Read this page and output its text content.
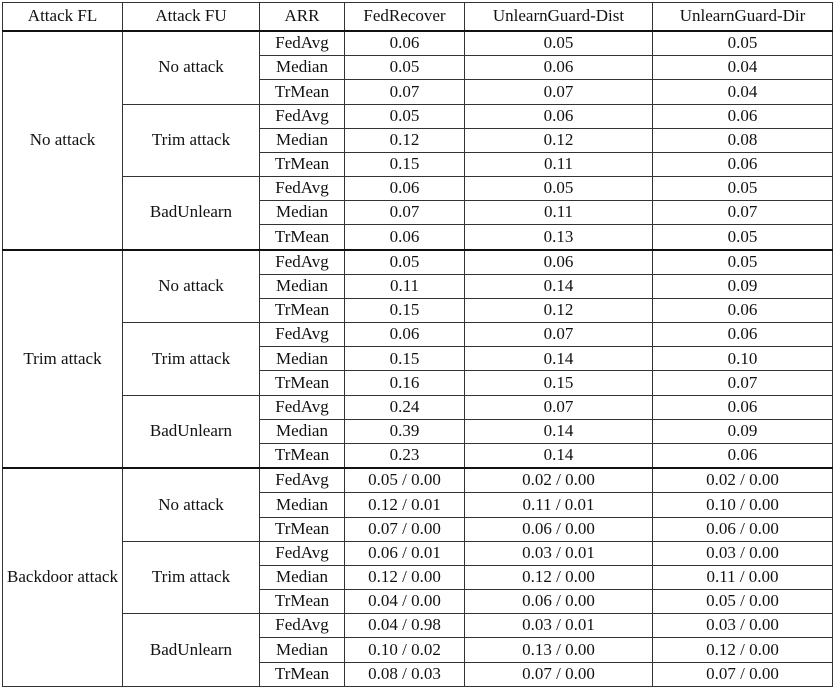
Attack FL	Attack FU	ARR	FedRecover	UnlearnGuard-Dist	UnlearnGuard-Dir
No attack	No attack	FedAvg	0.06	0.05	0.05
		Median	0.05	0.06	0.04
		TrMean	0.07	0.07	0.04
	Trim attack	FedAvg	0.05	0.06	0.06
		Median	0.12	0.12	0.08
		TrMean	0.15	0.11	0.06
	BadUnlearn	FedAvg	0.06	0.05	0.05
		Median	0.07	0.11	0.07
		TrMean	0.06	0.13	0.05
Trim attack	No attack	FedAvg	0.05	0.06	0.05
		Median	0.11	0.14	0.09
		TrMean	0.15	0.12	0.06
	Trim attack	FedAvg	0.06	0.07	0.06
		Median	0.15	0.14	0.10
		TrMean	0.16	0.15	0.07
	BadUnlearn	FedAvg	0.24	0.07	0.06
		Median	0.39	0.14	0.09
		TrMean	0.23	0.14	0.06
Backdoor attack	No attack	FedAvg	0.05 / 0.00	0.02 / 0.00	0.02 / 0.00
		Median	0.12 / 0.01	0.11 / 0.01	0.10 / 0.00
		TrMean	0.07 / 0.00	0.06 / 0.00	0.06 / 0.00
	Trim attack	FedAvg	0.06 / 0.01	0.03 / 0.01	0.03 / 0.00
		Median	0.12 / 0.00	0.12 / 0.00	0.11 / 0.00
		TrMean	0.04 / 0.00	0.06 / 0.00	0.05 / 0.00
	BadUnlearn	FedAvg	0.04 / 0.98	0.03 / 0.01	0.03 / 0.00
		Median	0.10 / 0.02	0.13 / 0.00	0.12 / 0.00
		TrMean	0.08 / 0.03	0.07 / 0.00	0.07 / 0.00
